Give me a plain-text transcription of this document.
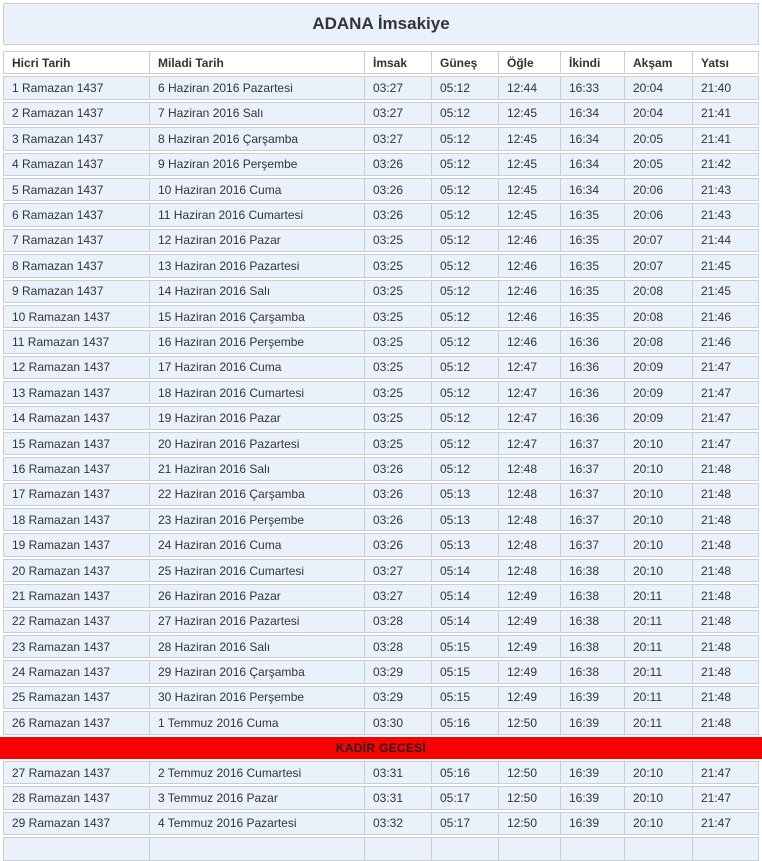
ADANA İmsakiye
Hicri Tarih	Miladi Tarih	İmsak	Güneş	Öğle	İkindi	Akşam	Yatsı
1 Ramazan 1437	6 Haziran 2016 Pazartesi	03:27	05:12	12:44	16:33	20:04	21:40
2 Ramazan 1437	7 Haziran 2016 Salı	03:27	05:12	12:45	16:34	20:04	21:41
3 Ramazan 1437	8 Haziran 2016 Çarşamba	03:27	05:12	12:45	16:34	20:05	21:41
4 Ramazan 1437	9 Haziran 2016 Perşembe	03:26	05:12	12:45	16:34	20:05	21:42
5 Ramazan 1437	10 Haziran 2016 Cuma	03:26	05:12	12:45	16:34	20:06	21:43
6 Ramazan 1437	11 Haziran 2016 Cumartesi	03:26	05:12	12:45	16:35	20:06	21:43
7 Ramazan 1437	12 Haziran 2016 Pazar	03:25	05:12	12:46	16:35	20:07	21:44
8 Ramazan 1437	13 Haziran 2016 Pazartesi	03:25	05:12	12:46	16:35	20:07	21:45
9 Ramazan 1437	14 Haziran 2016 Salı	03:25	05:12	12:46	16:35	20:08	21:45
10 Ramazan 1437	15 Haziran 2016 Çarşamba	03:25	05:12	12:46	16:35	20:08	21:46
11 Ramazan 1437	16 Haziran 2016 Perşembe	03:25	05:12	12:46	16:36	20:08	21:46
12 Ramazan 1437	17 Haziran 2016 Cuma	03:25	05:12	12:47	16:36	20:09	21:47
13 Ramazan 1437	18 Haziran 2016 Cumartesi	03:25	05:12	12:47	16:36	20:09	21:47
14 Ramazan 1437	19 Haziran 2016 Pazar	03:25	05:12	12:47	16:36	20:09	21:47
15 Ramazan 1437	20 Haziran 2016 Pazartesi	03:25	05:12	12:47	16:37	20:10	21:47
16 Ramazan 1437	21 Haziran 2016 Salı	03:26	05:12	12:48	16:37	20:10	21:48
17 Ramazan 1437	22 Haziran 2016 Çarşamba	03:26	05:13	12:48	16:37	20:10	21:48
18 Ramazan 1437	23 Haziran 2016 Perşembe	03:26	05:13	12:48	16:37	20:10	21:48
19 Ramazan 1437	24 Haziran 2016 Cuma	03:26	05:13	12:48	16:37	20:10	21:48
20 Ramazan 1437	25 Haziran 2016 Cumartesi	03:27	05:14	12:48	16:38	20:10	21:48
21 Ramazan 1437	26 Haziran 2016 Pazar	03:27	05:14	12:49	16:38	20:11	21:48
22 Ramazan 1437	27 Haziran 2016 Pazartesi	03:28	05:14	12:49	16:38	20:11	21:48
23 Ramazan 1437	28 Haziran 2016 Salı	03:28	05:15	12:49	16:38	20:11	21:48
24 Ramazan 1437	29 Haziran 2016 Çarşamba	03:29	05:15	12:49	16:38	20:11	21:48
25 Ramazan 1437	30 Haziran 2016 Perşembe	03:29	05:15	12:49	16:39	20:11	21:48
26 Ramazan 1437	1 Temmuz 2016 Cuma	03:30	05:16	12:50	16:39	20:11	21:48
KADİR GECESİ
27 Ramazan 1437	2 Temmuz 2016 Cumartesi	03:31	05:16	12:50	16:39	20:10	21:47
28 Ramazan 1437	3 Temmuz 2016 Pazar	03:31	05:17	12:50	16:39	20:10	21:47
29 Ramazan 1437	4 Temmuz 2016 Pazartesi	03:32	05:17	12:50	16:39	20:10	21:47
